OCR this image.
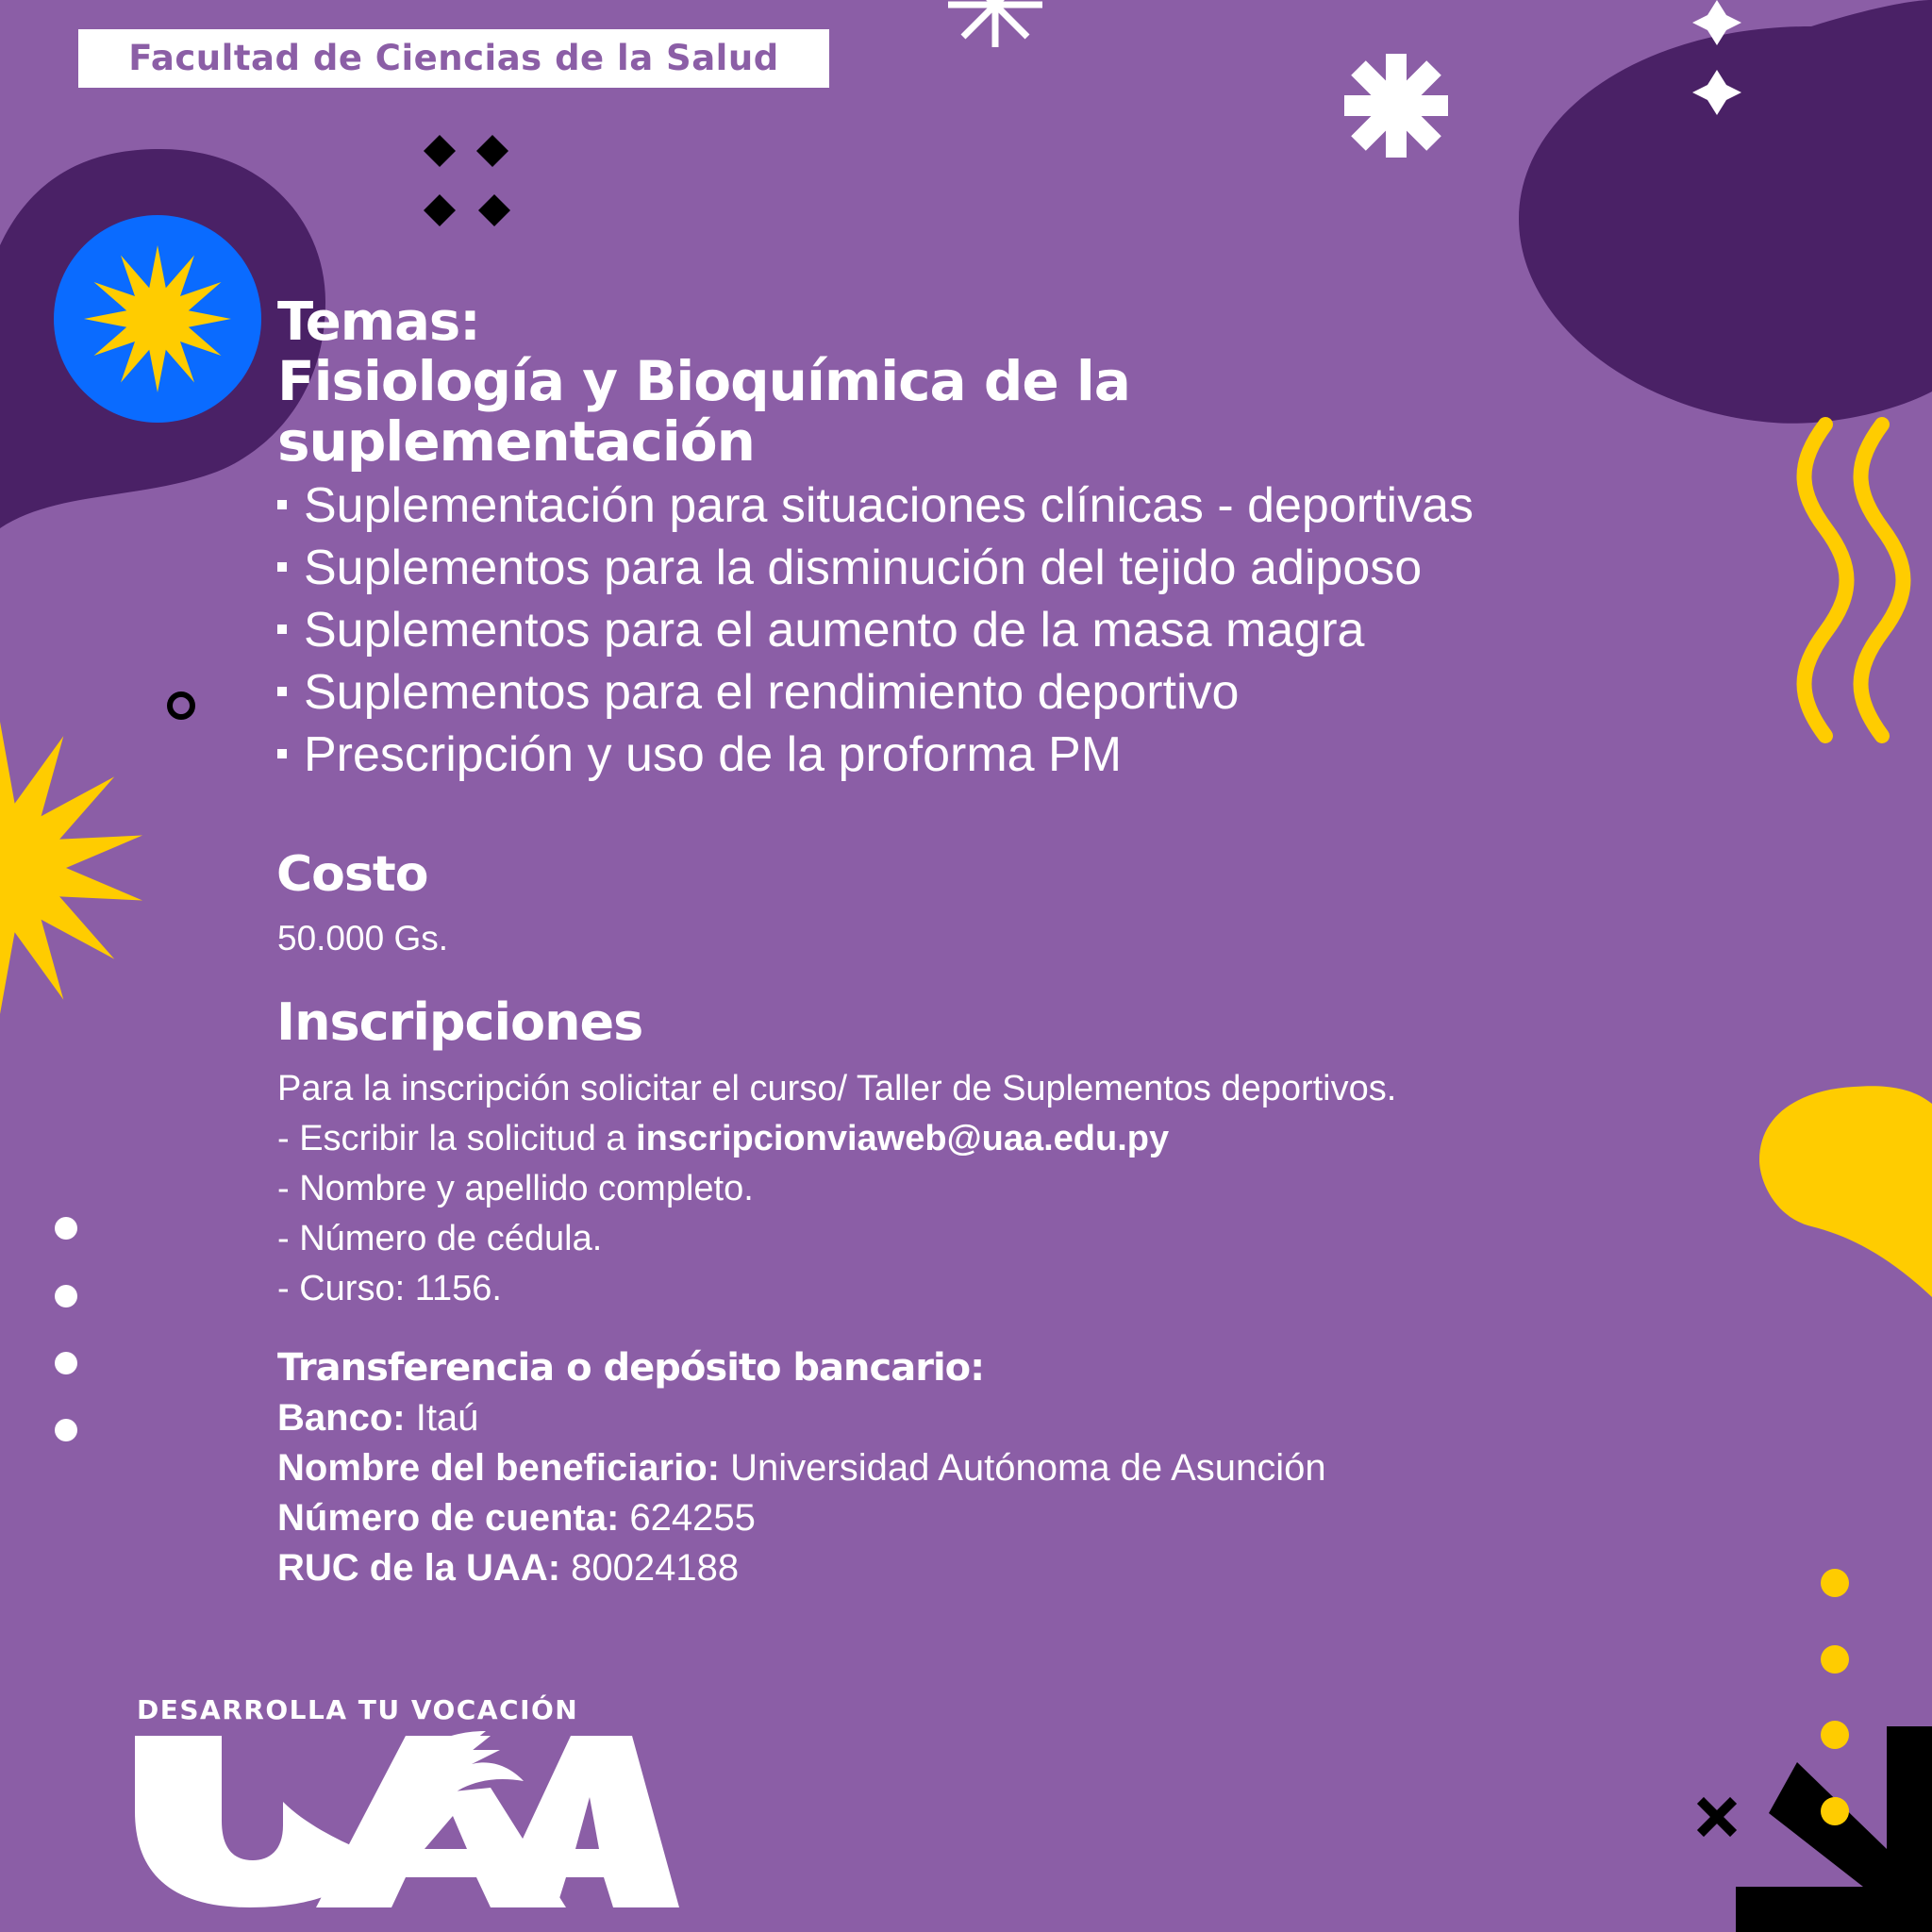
Facultad de Ciencias de la Salud
Temas:
Fisiología y Bioquímica de la suplementación
Suplementación para situaciones clínicas - deportivas
Suplementos para la disminución del tejido adiposo
Suplementos para el aumento de la masa magra
Suplementos para el rendimiento deportivo
Prescripción y uso de la proforma PM
Costo
50.000 Gs.
Inscripciones
Para la inscripción solicitar el curso/ Taller de Suplementos deportivos.
- Escribir la solicitud a inscripcionviaweb@uaa.edu.py
- Nombre y apellido completo.
- Número de cédula.
- Curso: 1156.
Transferencia o depósito bancario:
Banco: Itaú
Nombre del beneficiario: Universidad Autónoma de Asunción
Número de cuenta: 624255
RUC de la UAA: 80024188
DESARROLLA TU VOCACIÓN
